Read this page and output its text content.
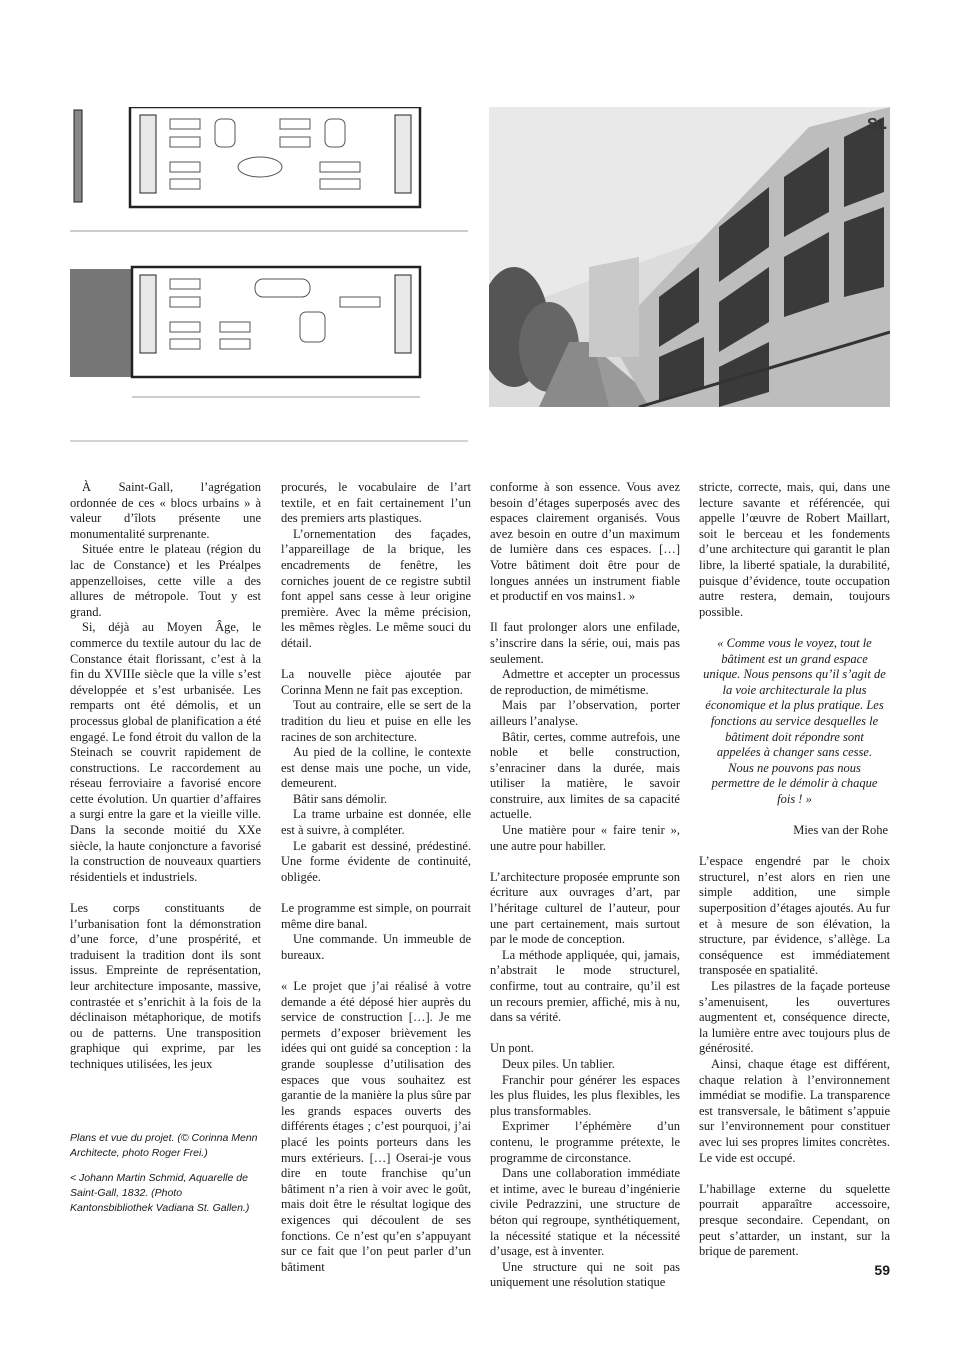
St.

Plans et vue du projet. (© Corinna Menn Architecte, photo Roger Frei.)

< Johann Martin Schmid, Aquarelle de Saint-Gall, 1832. (Photo Kantonsbibliothek Vadiana St. Gallen.)

À Saint-Gall, l’agrégation ordonnée de ces « blocs urbains » à valeur d’îlots présente une monumentalité surprenante.

Située entre le plateau (région du lac de Constance) et les Préalpes appenzelloises, cette ville a des allures de métropole. Tout y est grand.

Si, déjà au Moyen Âge, le commerce du textile autour du lac de Constance était florissant, c’est à la fin du XVIIIe siècle que la ville s’est développée et s’est urbanisée. Les remparts ont été démolis, et un processus global de planification a été engagé. Le fond étroit du vallon de la Steinach se couvrit rapidement de constructions. Le raccordement au réseau ferroviaire a favorisé encore cette évolution. Un quartier d’affaires a surgi entre la gare et la vieille ville. Dans la seconde moitié du XXe siècle, la haute conjoncture a favorisé la construction de nouveaux quartiers résidentiels et industriels.

Les corps constituants de l’urbanisation font la démonstration d’une force, d’une prospérité, et traduisent la tradition dont ils sont issus. Empreinte de représentation, leur architecture imposante, massive, contrastée et s’enrichit à la fois de la déclinaison métaphorique, de motifs ou de patterns. Une transposition graphique qui exprime, par les techniques utilisées, les jeux

procurés, le vocabulaire de l’art textile, et en fait certainement l’un des premiers arts plastiques.

L’ornementation des façades, l’appareillage de la brique, les encadrements de fenêtre, les corniches jouent de ce registre subtil font appel sans cesse à leur origine première. Avec la même précision, les mêmes règles. Le même souci du détail.

La nouvelle pièce ajoutée par Corinna Menn ne fait pas exception.

Tout au contraire, elle se sert de la tradition du lieu et puise en elle les racines de son architecture.

Au pied de la colline, le contexte est dense mais une poche, un vide, demeurent.

Bâtir sans démolir.

La trame urbaine est donnée, elle est à suivre, à compléter.

Le gabarit est dessiné, prédestiné. Une forme évidente de continuité, obligée.

Le programme est simple, on pourrait même dire banal.

Une commande. Un immeuble de bureaux.

« Le projet que j’ai réalisé à votre demande a été déposé hier auprès du service de construction […]. Je me permets d’exposer brièvement les idées qui ont guidé sa conception : la grande souplesse d’utilisation des espaces que vous souhaitez est garantie de la manière la plus sûre par les grands espaces ouverts des différents étages ; c’est pourquoi, j’ai placé les points porteurs dans les murs extérieurs. […] Oserai-je vous dire en toute franchise qu’un bâtiment n’a rien à voir avec le goût, mais doit être le résultat logique des exigences qui découlent de ses fonctions. Ce n’est qu’en s’appuyant sur ce fait que l’on peut parler d’un bâtiment

conforme à son essence. Vous avez besoin d’étages superposés avec des espaces clairement organisés. Vous avez besoin en outre d’un maximum de lumière dans ces espaces. […] Votre bâtiment doit être pour de longues années un instrument fiable et productif en vos mains1. »

Il faut prolonger alors une enfilade, s’inscrire dans la série, oui, mais pas seulement.

Admettre et accepter un processus de reproduction, de mimétisme.

Mais par l’observation, porter ailleurs l’analyse.

Bâtir, certes, comme autrefois, une noble et belle construction, s’enraciner dans la durée, mais utiliser la matière, le savoir construire, aux limites de sa capacité actuelle.

Une matière pour « faire tenir », une autre pour habiller.

L’architecture proposée emprunte son écriture aux ouvrages d’art, par l’héritage culturel de l’auteur, pour une part certainement, mais surtout par le mode de conception.

La méthode appliquée, qui, jamais, n’abstrait le mode structurel, confirme, tout au contraire, qu’il est un recours premier, affiché, mis à nu, dans sa vérité.

Un pont.

Deux piles. Un tablier.

Franchir pour générer les espaces les plus fluides, les plus flexibles, les plus transformables.

Exprimer l’éphémère d’un contenu, le programme prétexte, le programme de circonstance.

Dans une collaboration immédiate et intime, avec le bureau d’ingénierie civile Pedrazzini, une structure de béton qui regroupe, synthétiquement, la nécessité statique et la nécessité d’usage, est à inventer.

Une structure qui ne soit pas uniquement une résolution statique

stricte, correcte, mais, qui, dans une lecture savante et référencée, qui appelle l’œuvre de Robert Maillart, soit le berceau et les fondements d’une architecture qui garantit le plan libre, la liberté spatiale, la durabilité, puisque d’évidence, toute occupation autre restera, demain, toujours possible.

« Comme vous le voyez, tout le bâtiment est un grand espace unique. Nous pensons qu’il s’agit de la voie architecturale la plus économique et la plus pratique. Les fonctions au service desquelles le bâtiment doit répondre sont appelées à changer sans cesse. Nous ne pouvons pas nous permettre de le démolir à chaque fois ! »

Mies van der Rohe

L’espace engendré par le choix structurel, n’est alors en rien une simple addition, une simple superposition d’étages ajoutés. Au fur et à mesure de son élévation, la structure, par évidence, s’allège. La conséquence est immédiatement transposée en spatialité.

Les pilastres de la façade porteuse s’amenuisent, les ouvertures augmentent et, conséquence directe, la lumière entre avec toujours plus de générosité.

Ainsi, chaque étage est différent, chaque relation à l’environnement immédiat se modifie. La transparence est transversale, le bâtiment s’appuie sur l’environnement pour constituer avec lui ses propres limites concrètes. Le vide est occupé.

L’habillage externe du squelette pourrait apparaître accessoire, presque secondaire. Cependant, on peut s’attarder, un instant, sur la brique de parement.

59
